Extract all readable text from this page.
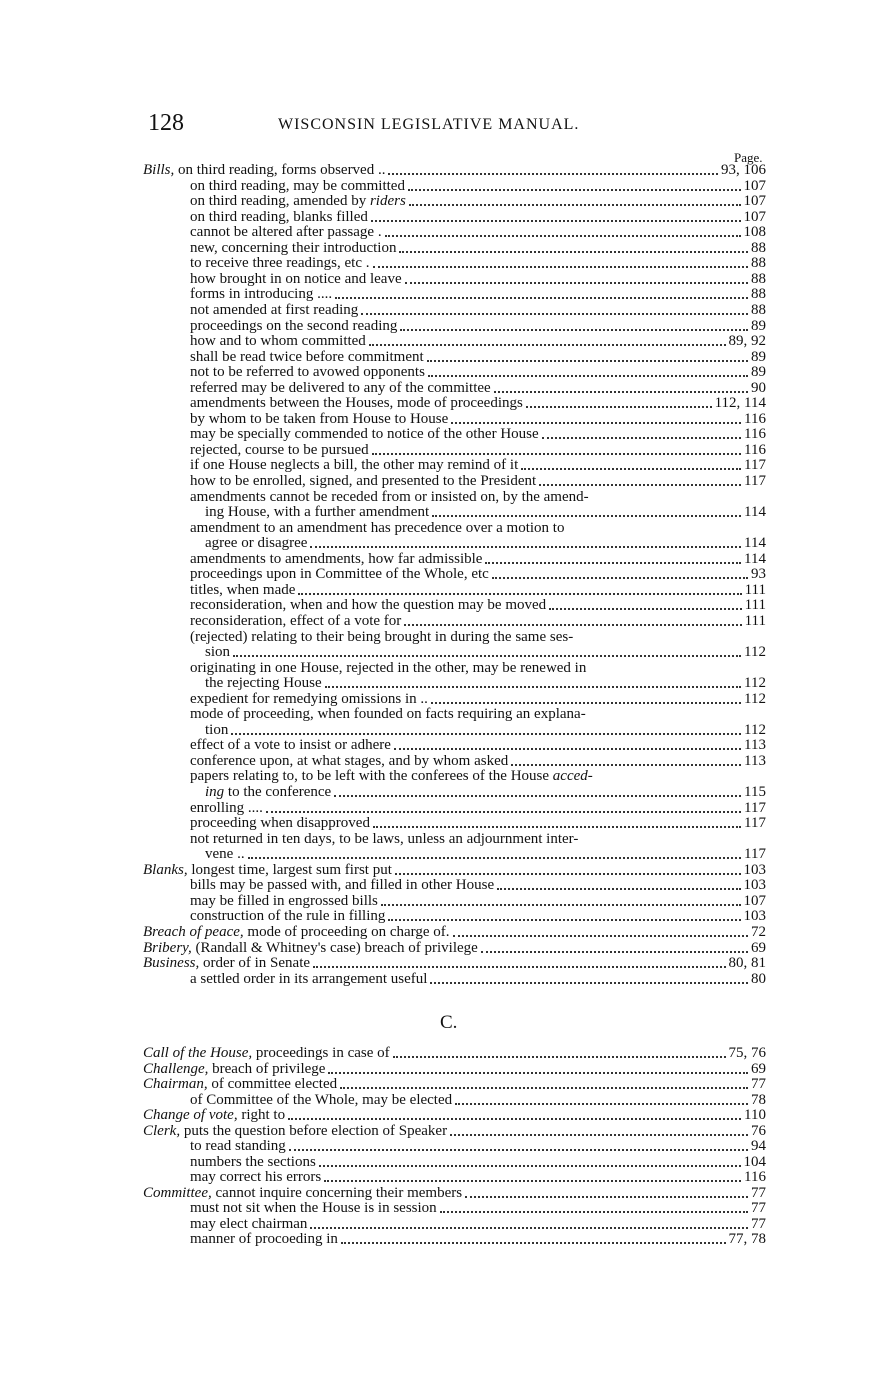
128	WISCONSIN LEGISLATIVE MANUAL.
Page.
Bills, on third reading, forms observed ..	93, 106
on third reading, may be committed	107
on third reading, amended by riders	107
on third reading, blanks filled	107
cannot be altered after passage .	108
new, concerning their introduction	88
to receive three readings, etc .	88
how brought in on notice and leave	88
forms in introducing ....	88
not amended at first reading	88
proceedings on the second reading	89
how and to whom committed	89, 92
shall be read twice before commitment	89
not to be referred to avowed opponents	89
referred may be delivered to any of the committee	90
amendments between the Houses, mode of proceedings	112, 114
by whom to be taken from House to House	116
may be specially commended to notice of the other House	116
rejected, course to be pursued	116
if one House neglects a bill, the other may remind of it	117
how to be enrolled, signed, and presented to the President	117
amendments cannot be receded from or insisted on, by the amend-
ing House, with a further amendment	114
amendment to an amendment has precedence over a motion to
agree or disagree	114
amendments to amendments, how far admissible	114
proceedings upon in Committee of the Whole, etc	93
titles, when made	111
reconsideration, when and how the question may be moved	111
reconsideration, effect of a vote for	111
(rejected) relating to their being brought in during the same ses-
sion	112
originating in one House, rejected in the other, may be renewed in
the rejecting House	112
expedient for remedying omissions in ..	112
mode of proceeding, when founded on facts requiring an explana-
tion	112
effect of a vote to insist or adhere	113
conference upon, at what stages, and by whom asked	113
papers relating to, to be left with the conferees of the House acced-
ing to the conference	115
enrolling ....	117
proceeding when disapproved	117
not returned in ten days, to be laws, unless an adjournment inter-
vene ..	117
Blanks, longest time, largest sum first put	103
bills may be passed with, and filled in other House	103
may be filled in engrossed bills	107
construction of the rule in filling	103
Breach of peace, mode of proceeding on charge of.	72
Bribery, (Randall & Whitney's case) breach of privilege	69
Business, order of in Senate	80, 81
a settled order in its arrangement useful	80
Call of the House, proceedings in case of	75, 76
Challenge, breach of privilege	69
Chairman, of committee elected	77
of Committee of the Whole, may be elected	78
Change of vote, right to	110
Clerk, puts the question before election of Speaker	76
to read standing	94
numbers the sections	104
may correct his errors	116
Committee, cannot inquire concerning their members	77
must not sit when the House is in session	77
may elect chairman	77
manner of procoeding in	77, 78
C.
